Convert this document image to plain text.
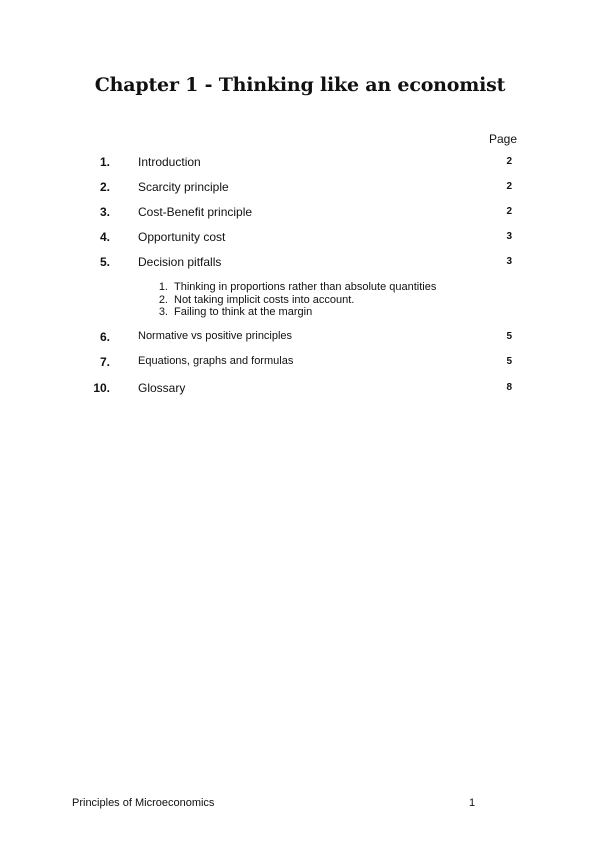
Chapter 1 - Thinking like an economist
Page
1. Introduction	2
2. Scarcity principle	2
3. Cost-Benefit principle	2
4. Opportunity cost	3
5. Decision pitfalls	3
1. Thinking in proportions rather than absolute quantities
2. Not taking implicit costs into account.
3. Failing to think at the margin
6.	Normative vs positive principles	5
7.	Equations, graphs and formulas	5
10. Glossary	8
Principles of Microeconomics	1
